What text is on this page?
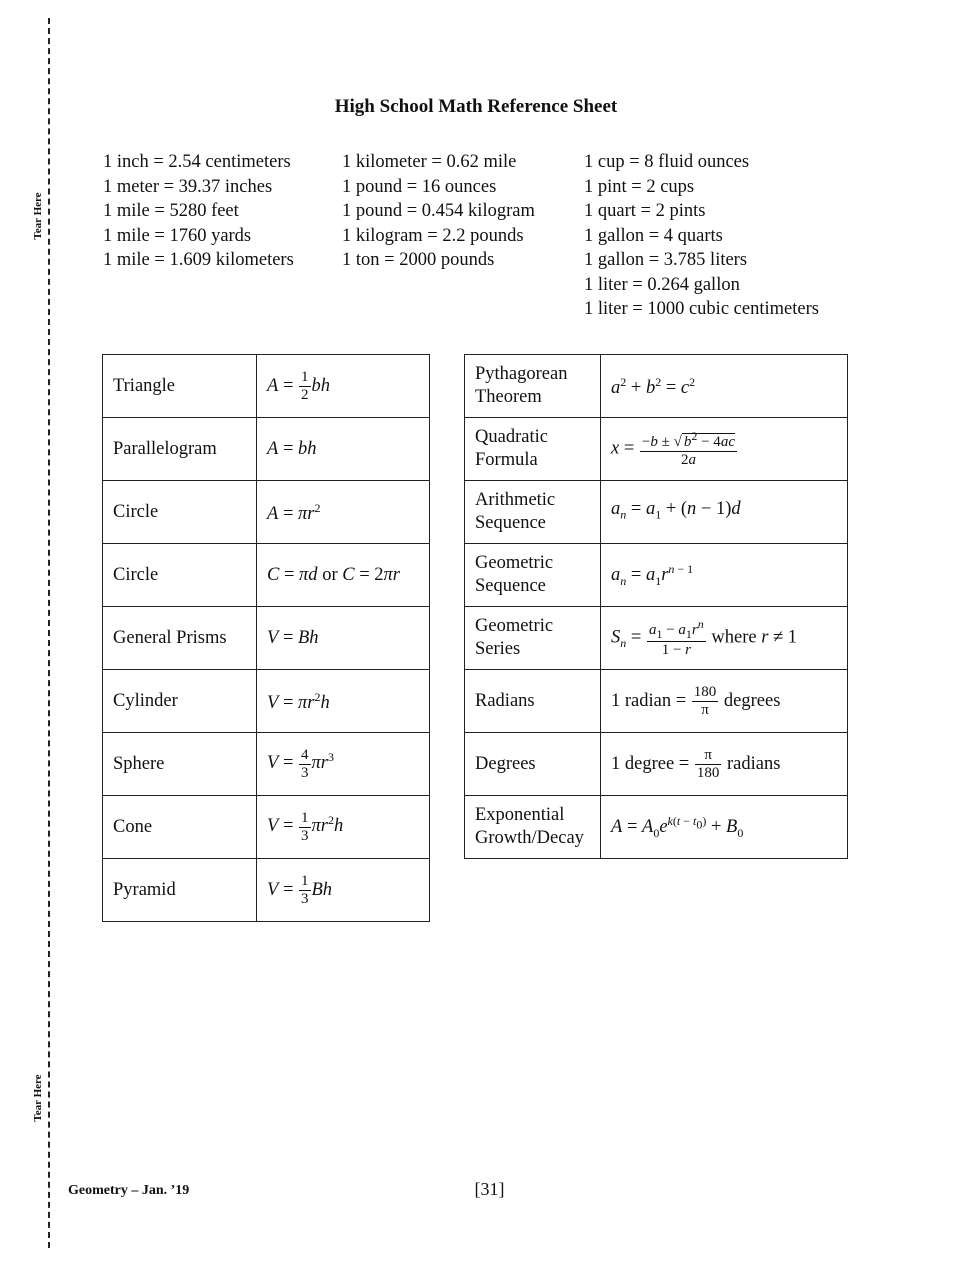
Tear Here
Tear Here
High School Math Reference Sheet
1 inch = 2.54 centimeters
1 meter = 39.37 inches
1 mile = 5280 feet
1 mile = 1760 yards
1 mile = 1.609 kilometers
1 kilometer = 0.62 mile
1 pound = 16 ounces
1 pound = 0.454 kilogram
1 kilogram = 2.2 pounds
1 ton = 2000 pounds
1 cup = 8 fluid ounces
1 pint = 2 cups
1 quart = 2 pints
1 gallon = 4 quarts
1 gallon = 3.785 liters
1 liter = 0.264 gallon
1 liter = 1000 cubic centimeters
Triangle	$A = \frac{1}{2}$ bh
Parallelogram	A = bh
Circle	$A = \pi r^2$
Circle	C = πd or C = 2πr
General Prisms	V = Bh
Cylinder	$V = \pi r^2h$
Sphere	$V = \frac{4}{3} \pi r^3$
Cone	$V = \frac{1}{3} \pi r^2h$
Pyramid	$V = \frac{1}{3}$ Bh
Pythagorean Theorem	$a^2 + b^2 = c^2$
Quadratic Formula	$x = \frac{-b \pm √ b^2 - 4ac}{2a}$

Arithmetic Sequence	$a_n = a_1 + (n - 1)d$
Geometric Sequence	$a_n = a_1r^{n - 1}$
Geometric Series	$S_n = \frac{a_1 - a_1r^n}{1 - r}$ where r ≠ 1
Radians	1 radian = $\frac{180}{\pi}$ degrees
Degrees	1 degree = $\frac{\pi}{180}$ radians
Exponential Growth/Decay	$A = A_0e^{k(t - t_0)} + B_0$
Geometry – Jan. ’19	[31]
